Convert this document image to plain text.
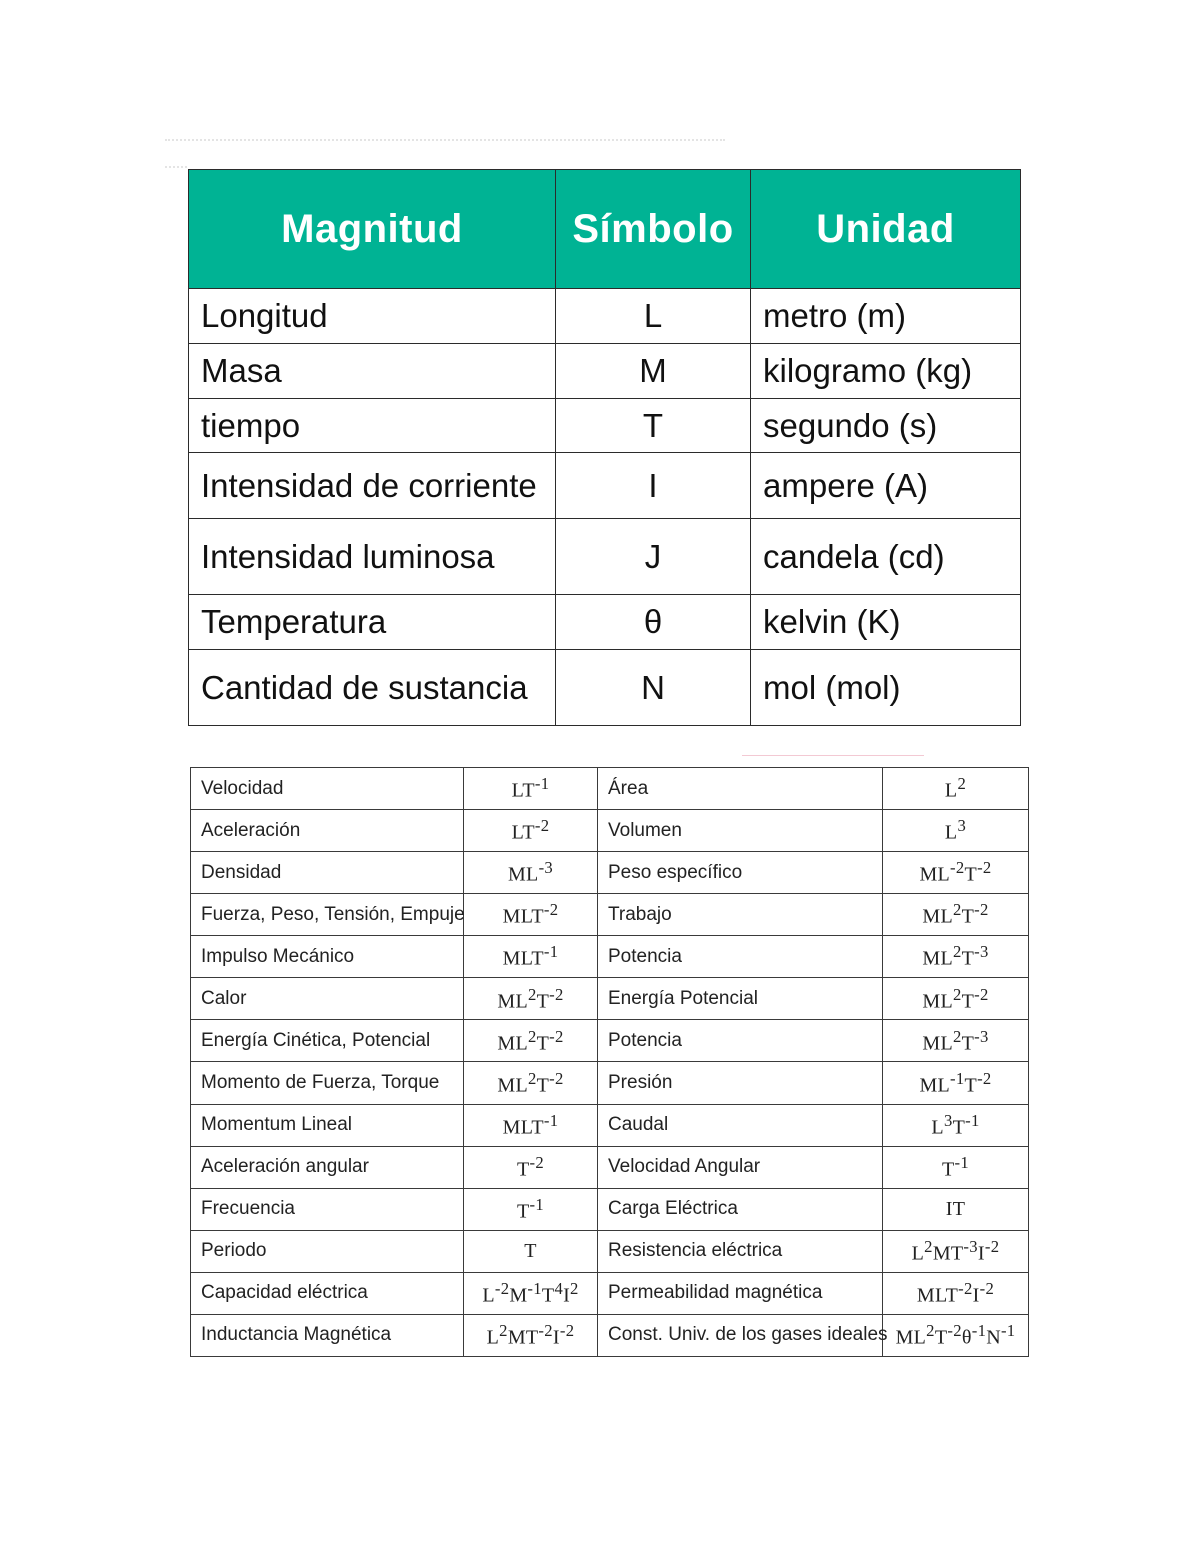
Magnitud	Símbolo	Unidad
Longitud	L	metro (m)
Masa	M	kilogramo (kg)
tiempo	T	segundo (s)
Intensidad de corriente	I	ampere (A)
Intensidad luminosa	J	candela (cd)
Temperatura	θ	kelvin (K)
Cantidad de sustancia	N	mol (mol)
Velocidad	$LT^{-1}$	Área	$L^2$
Aceleración	$LT^{-2}$	Volumen	$L^3$
Densidad	$ML^{-3}$	Peso específico	$ML^{-2}T^{-2}$
Fuerza, Peso, Tensión, Empuje	$MLT^{-2}$	Trabajo	$ML^2T^{-2}$
Impulso Mecánico	$MLT^{-1}$	Potencia	$ML^2T^{-3}$
Calor	$ML^2T^{-2}$	Energía Potencial	$ML^2T^{-2}$
Energía Cinética, Potencial	$ML^2T^{-2}$	Potencia	$ML^2T^{-3}$
Momento de Fuerza, Torque	$ML^2T^{-2}$	Presión	$ML^{-1}T^{-2}$
Momentum Lineal	$MLT^{-1}$	Caudal	$L^3T^{-1}$
Aceleración angular	$T^{-2}$	Velocidad Angular	$T^{-1}$
Frecuencia	$T^{-1}$	Carga Eléctrica	IT
Periodo	T	Resistencia eléctrica	$L^2MT^{-3}I^{-2}$
Capacidad eléctrica	$L^{-2}M^{-1}T^4I^2$	Permeabilidad magnética	$MLT^{-2}I^{-2}$
Inductancia Magnética	$L^2MT^{-2}I^{-2}$	Const. Univ. de los gases ideales	$ML^2T^{-2}\theta^{-1}N^{-1}$
